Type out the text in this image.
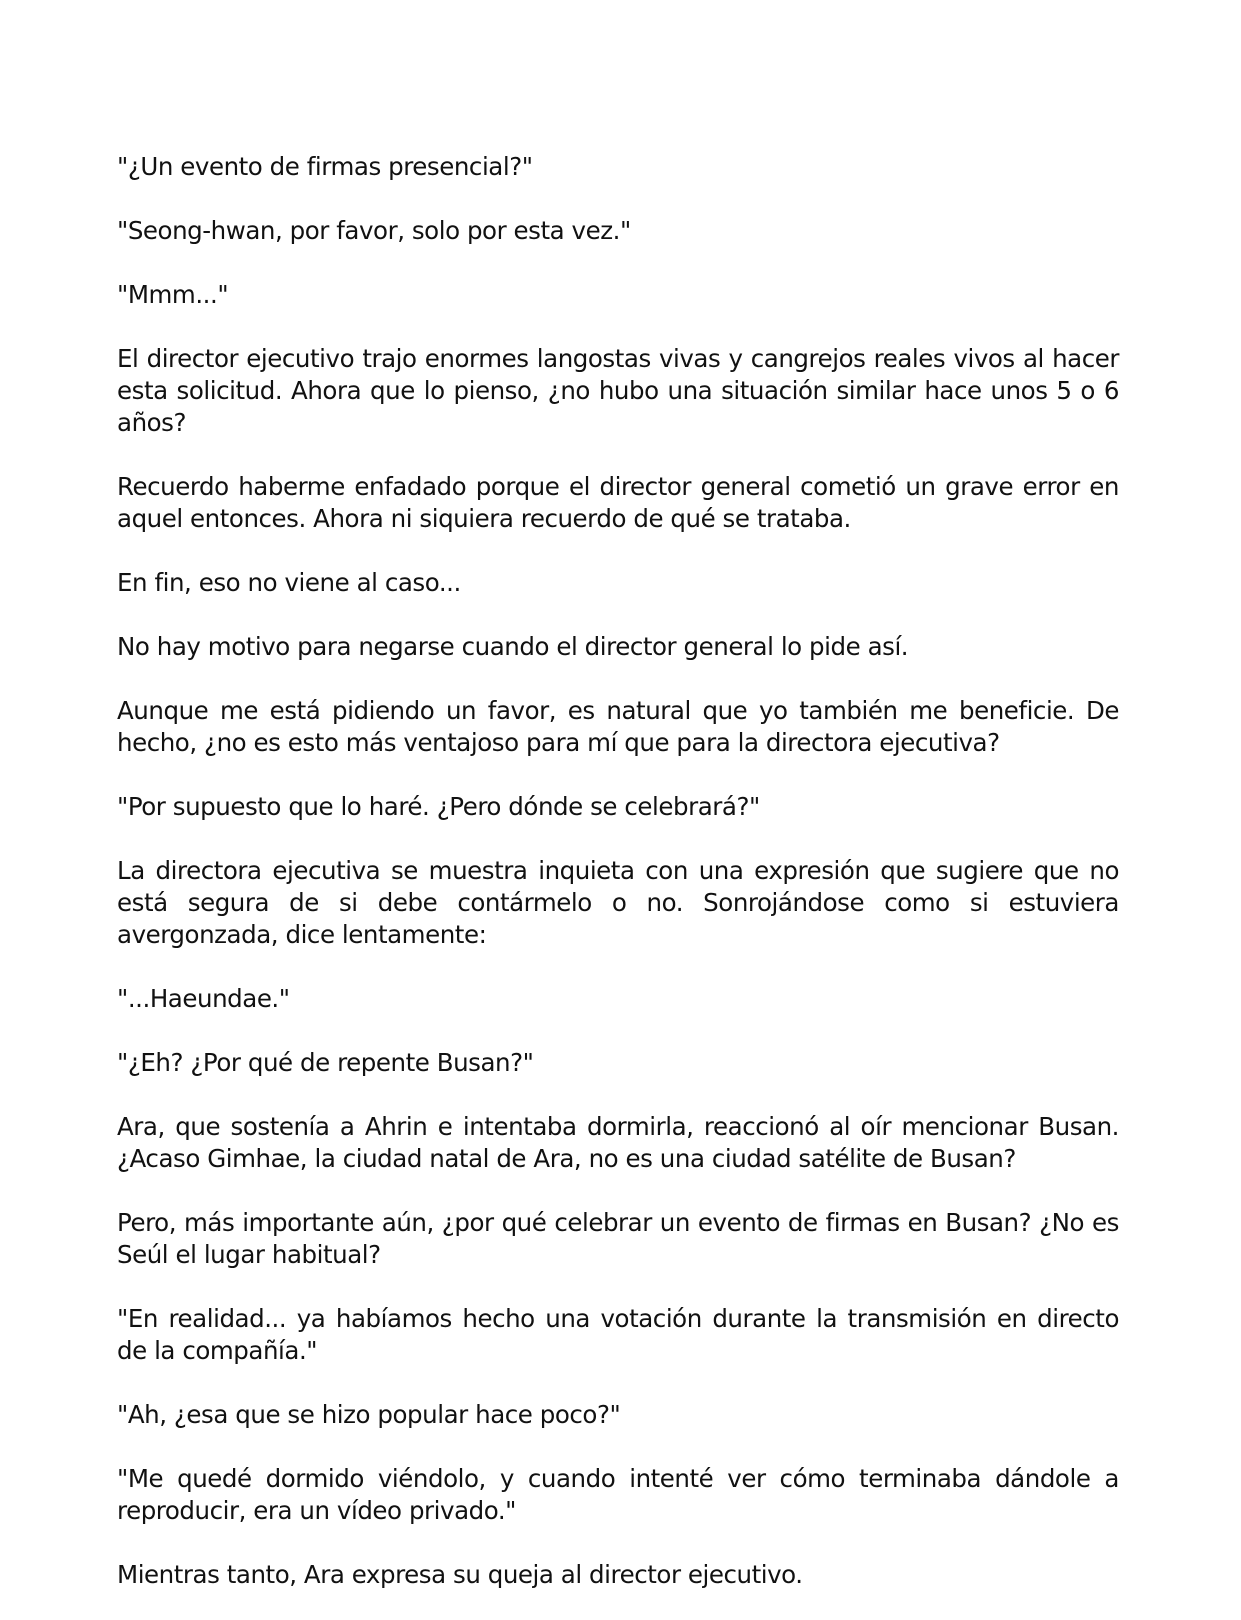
"¿Un evento de firmas presencial?"

"Seong-hwan, por favor, solo por esta vez."

"Mmm..."

El director ejecutivo trajo enormes langostas vivas y cangrejos reales vivos al hacer esta solicitud. Ahora que lo pienso, ¿no hubo una situación similar hace unos 5 o 6 años?

Recuerdo haberme enfadado porque el director general cometió un grave error en aquel entonces. Ahora ni siquiera recuerdo de qué se trataba.

En fin, eso no viene al caso...

No hay motivo para negarse cuando el director general lo pide así.

Aunque me está pidiendo un favor, es natural que yo también me beneficie. De hecho, ¿no es esto más ventajoso para mí que para la directora ejecutiva?

"Por supuesto que lo haré. ¿Pero dónde se celebrará?"

La directora ejecutiva se muestra inquieta con una expresión que sugiere que no está segura de si debe contármelo o no. Sonrojándose como si estuviera avergonzada, dice lentamente:

"...Haeundae."

"¿Eh? ¿Por qué de repente Busan?"

Ara, que sostenía a Ahrin e intentaba dormirla, reaccionó al oír mencionar Busan. ¿Acaso Gimhae, la ciudad natal de Ara, no es una ciudad satélite de Busan?

Pero, más importante aún, ¿por qué celebrar un evento de firmas en Busan? ¿No es Seúl el lugar habitual?

"En realidad... ya habíamos hecho una votación durante la transmisión en directo de la compañía."

"Ah, ¿esa que se hizo popular hace poco?"

"Me quedé dormido viéndolo, y cuando intenté ver cómo terminaba dándole a reproducir, era un vídeo privado."

Mientras tanto, Ara expresa su queja al director ejecutivo.
